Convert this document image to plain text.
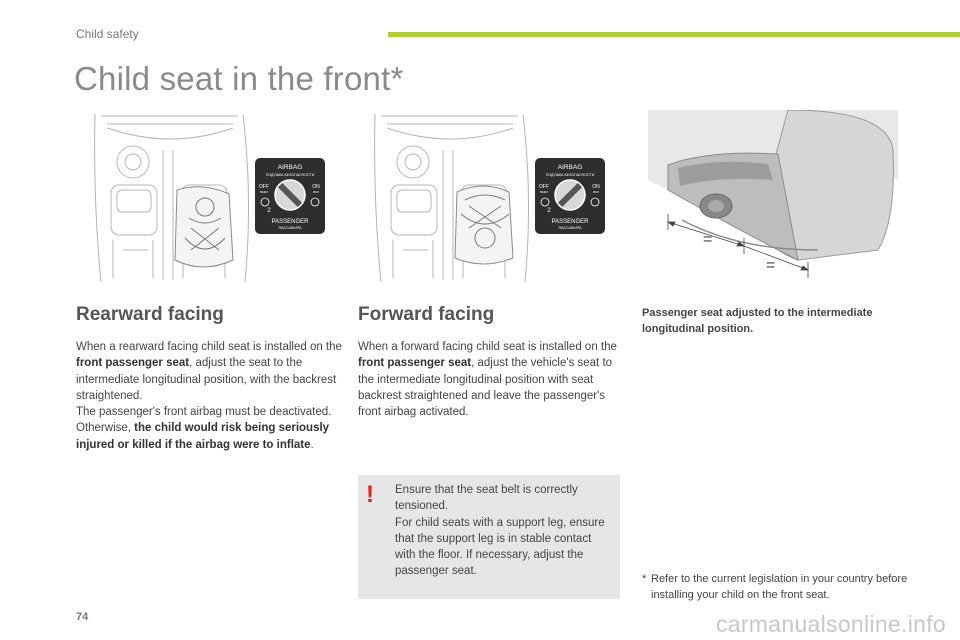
Child safety
Child seat in the front*
AIRBAG
ПОДУШКА БЕЗОПАСНОСТИ
OFF
ВЫКЛ
ON
ВКЛ
2
PASSENGER
ПАССАЖИРА
AIRBAG
ПОДУШКА БЕЗОПАСНОСТИ
OFF
ВЫКЛ
ON
ВКЛ
2
PASSENGER
ПАССАЖИРА
=
=
Rearward facing	Forward facing	Passenger seat adjusted to the intermediate longitudinal position.
When a rearward facing child seat is installed on the front passenger seat, adjust the seat to the intermediate longitudinal position, with the backrest straightened.
The passenger's front airbag must be deactivated. Otherwise, the child would risk being seriously injured or killed if the airbag were to inflate.
When a forward facing child seat is installed on the front passenger seat, adjust the vehicle's seat to the intermediate longitudinal position with seat backrest straightened and leave the passenger's front airbag activated.
! Ensure that the seat belt is correctly tensioned.
For child seats with a support leg, ensure that the support leg is in stable contact with the floor. If necessary, adjust the passenger seat.
* Refer to the current legislation in your country before installing your child on the front seat.
74	carmanualsonline.info
